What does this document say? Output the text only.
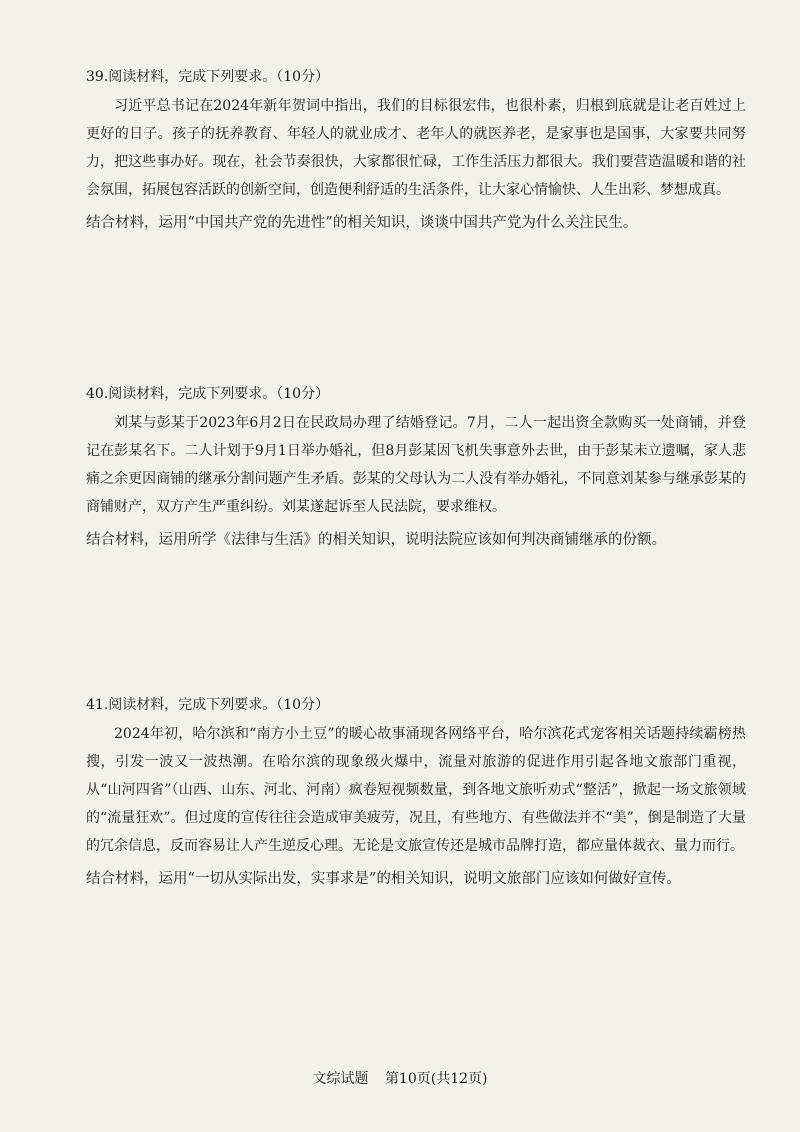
39.阅读材料，完成下列要求。（10分）

习近平总书记在2024年新年贺词中指出，我们的目标很宏伟，也很朴素，归根到底就是让老百姓过上更好的日子。孩子的抚养教育、年轻人的就业成才、老年人的就医养老，是家事也是国事，大家要共同努力，把这些事办好。现在，社会节奏很快，大家都很忙碌，工作生活压力都很大。我们要营造温暖和谐的社会氛围，拓展包容活跃的创新空间，创造便利舒适的生活条件，让大家心情愉快、人生出彩、梦想成真。

结合材料，运用“中国共产党的先进性”的相关知识，谈谈中国共产党为什么关注民生。

40.阅读材料，完成下列要求。（10分）

刘某与彭某于2023年6月2日在民政局办理了结婚登记。7月，二人一起出资全款购买一处商铺，并登记在彭某名下。二人计划于9月1日举办婚礼，但8月彭某因飞机失事意外去世，由于彭某未立遗嘱，家人悲痛之余更因商铺的继承分割问题产生矛盾。彭某的父母认为二人没有举办婚礼，不同意刘某参与继承彭某的商铺财产，双方产生严重纠纷。刘某遂起诉至人民法院，要求维权。

结合材料，运用所学《法律与生活》的相关知识，说明法院应该如何判决商铺继承的份额。

41.阅读材料，完成下列要求。（10分）

2024年初，哈尔滨和“南方小土豆”的暖心故事涌现各网络平台，哈尔滨花式宠客相关话题持续霸榜热搜，引发一波又一波热潮。在哈尔滨的现象级火爆中，流量对旅游的促进作用引起各地文旅部门重视，从“山河四省”（山西、山东、河北、河南）疯卷短视频数量，到各地文旅听劝式“整活”，掀起一场文旅领域的“流量狂欢”。但过度的宣传往往会造成审美疲劳，况且，有些地方、有些做法并不“美”，倒是制造了大量的冗余信息，反而容易让人产生逆反心理。无论是文旅宣传还是城市品牌打造，都应量体裁衣、量力而行。

结合材料，运用“一切从实际出发，实事求是”的相关知识，说明文旅部门应该如何做好宣传。

文综试题 第10页(共12页)
